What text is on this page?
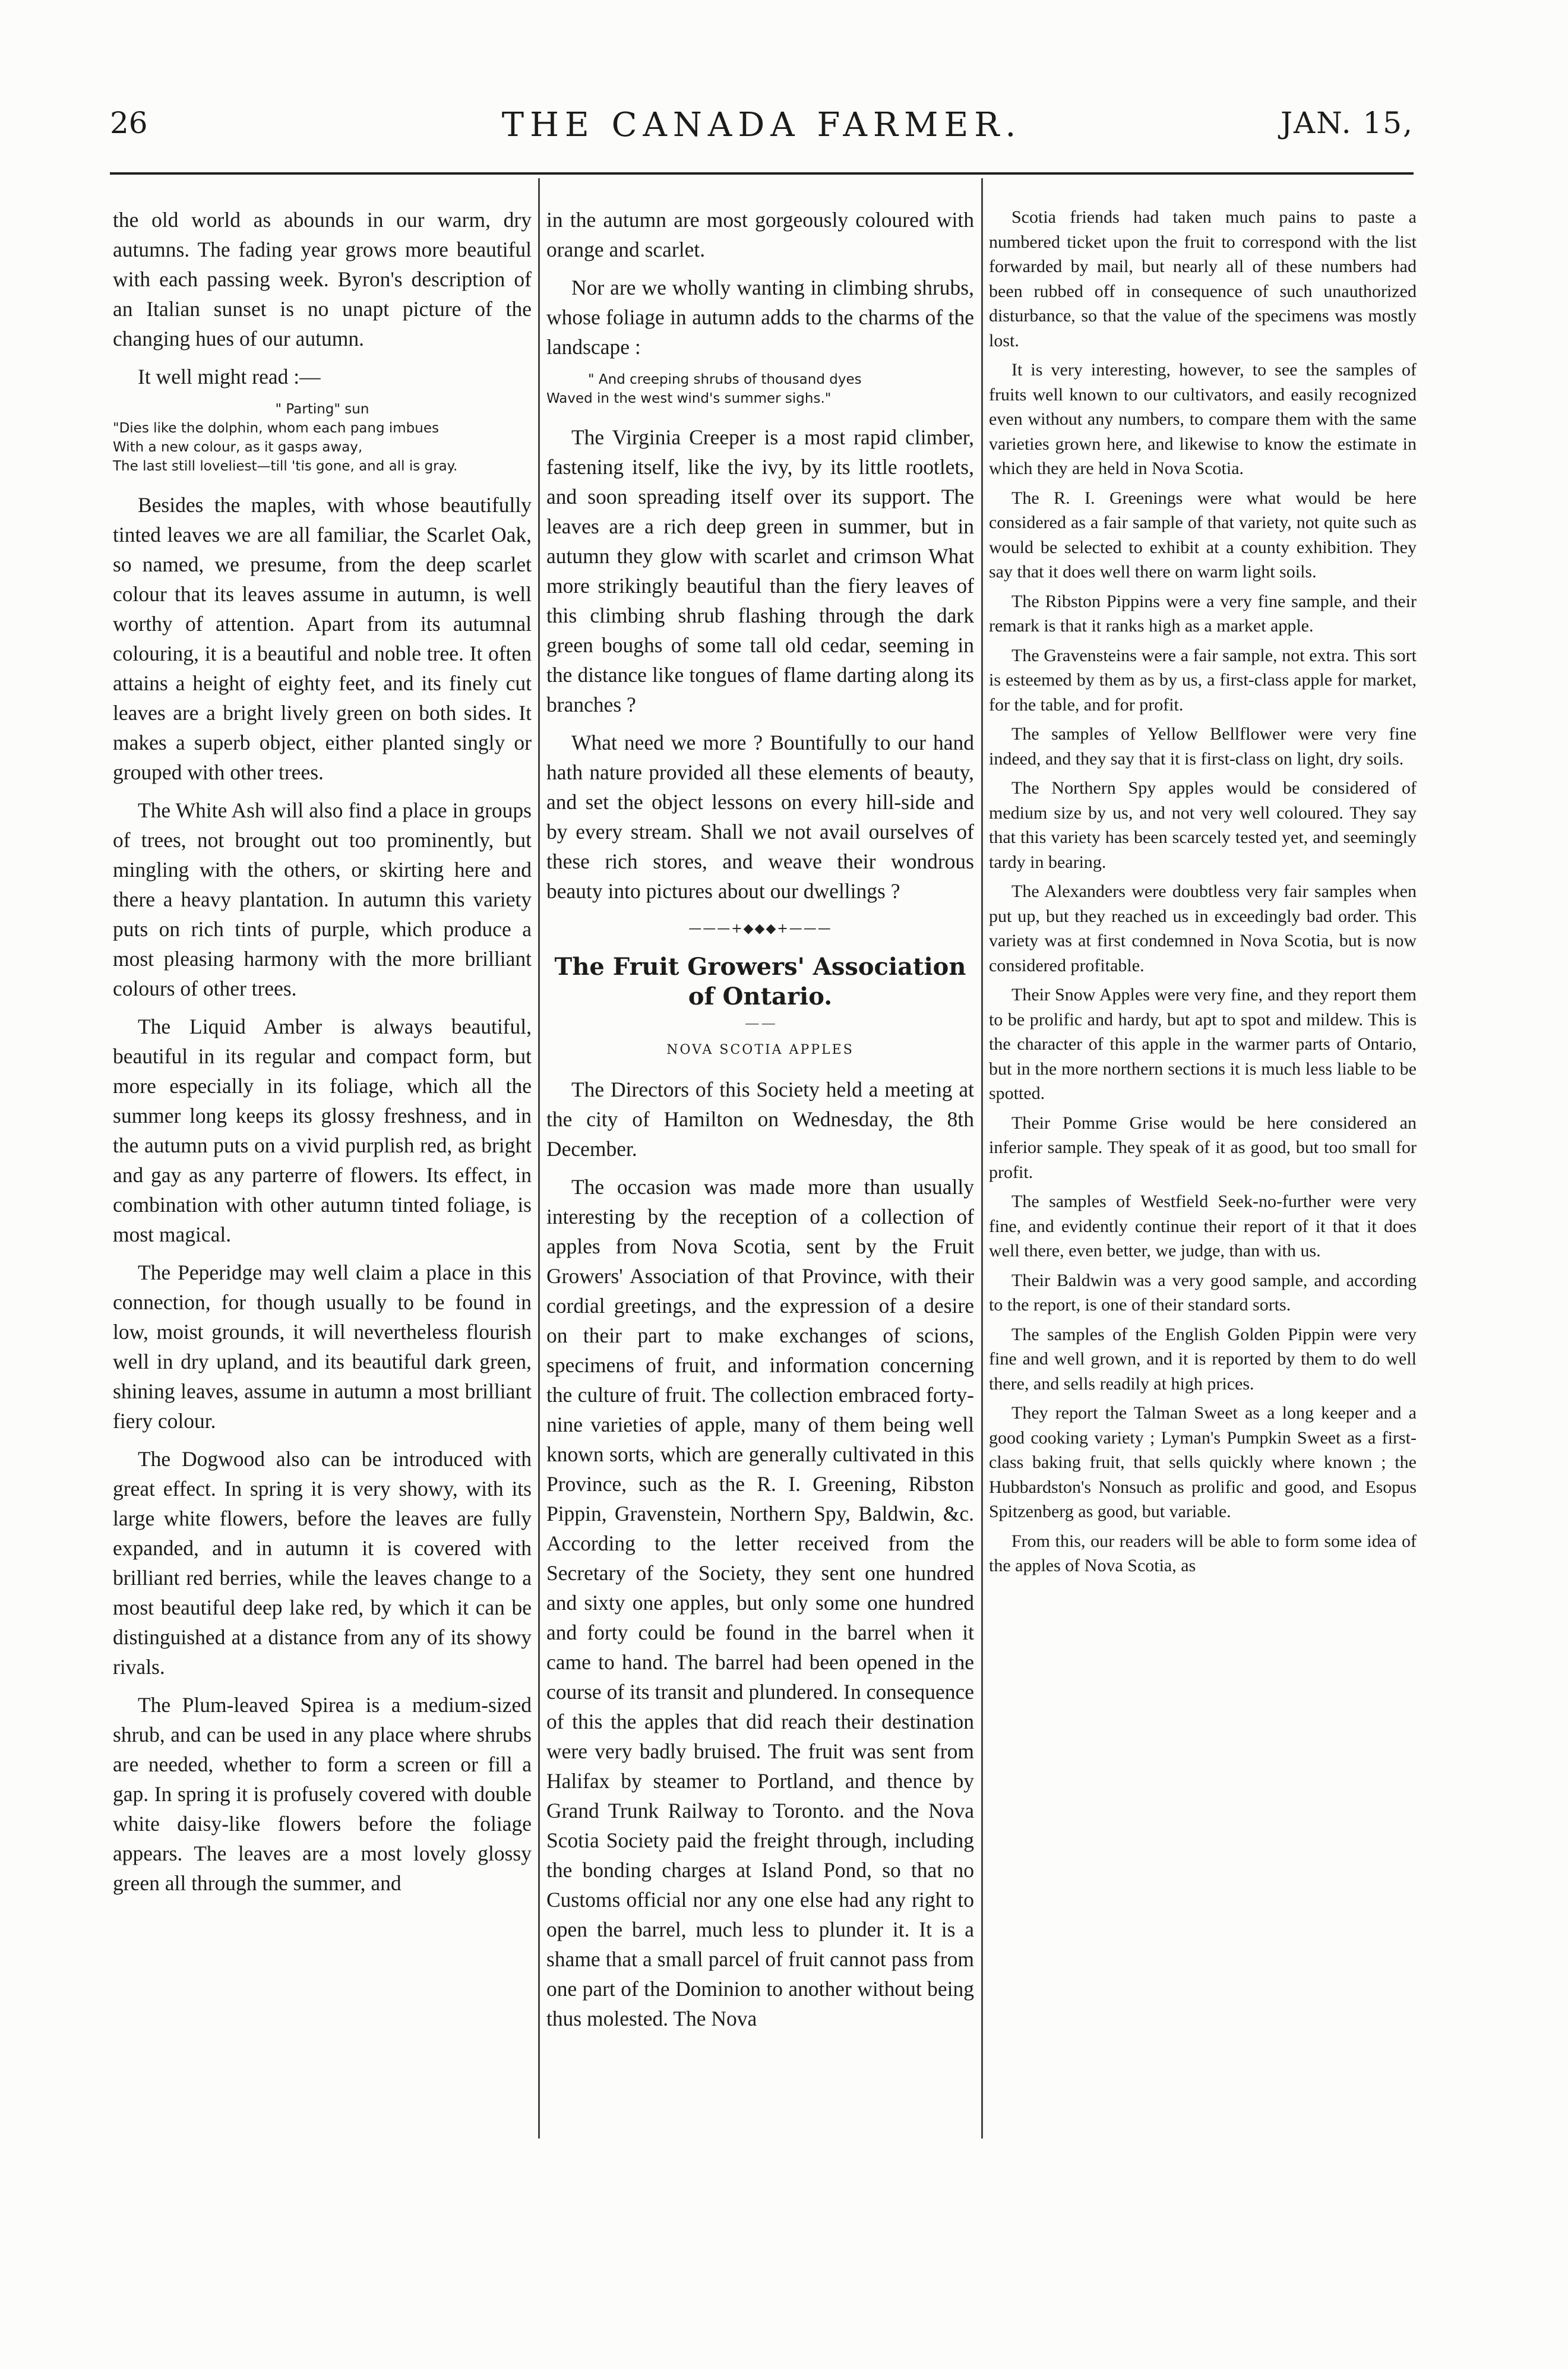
26	THE CANADA FARMER.	JAN. 15,

the old world as abounds in our warm, dry autumns. The fading year grows more beautiful with each passing week. Byron's description of an Italian sunset is no unapt picture of the changing hues of our autumn.

It well might read :—

" Parting" sun
"Dies like the dolphin, whom each pang imbues
With a new colour, as it gasps away,
The last still loveliest—till 'tis gone, and all is gray.

Besides the maples, with whose beautifully tinted leaves we are all familiar, the Scarlet Oak, so named, we presume, from the deep scarlet colour that its leaves assume in autumn, is well worthy of attention. Apart from its autumnal colouring, it is a beautiful and noble tree. It often attains a height of eighty feet, and its finely cut leaves are a bright lively green on both sides. It makes a superb object, either planted singly or grouped with other trees.

The White Ash will also find a place in groups of trees, not brought out too prominently, but mingling with the others, or skirting here and there a heavy plantation. In autumn this variety puts on rich tints of purple, which produce a most pleasing harmony with the more brilliant colours of other trees.

The Liquid Amber is always beautiful, beautiful in its regular and compact form, but more especially in its foliage, which all the summer long keeps its glossy freshness, and in the autumn puts on a vivid purplish red, as bright and gay as any parterre of flowers. Its effect, in combination with other autumn tinted foliage, is most magical.

The Peperidge may well claim a place in this connection, for though usually to be found in low, moist grounds, it will nevertheless flourish well in dry upland, and its beautiful dark green, shining leaves, assume in autumn a most brilliant fiery colour.

The Dogwood also can be introduced with great effect. In spring it is very showy, with its large white flowers, before the leaves are fully expanded, and in autumn it is covered with brilliant red berries, while the leaves change to a most beautiful deep lake red, by which it can be distinguished at a distance from any of its showy rivals.

The Plum-leaved Spirea is a medium-sized shrub, and can be used in any place where shrubs are needed, whether to form a screen or fill a gap. In spring it is profusely covered with double white daisy-like flowers before the foliage appears. The leaves are a most lovely glossy green all through the summer, and

in the autumn are most gorgeously coloured with orange and scarlet.

Nor are we wholly wanting in climbing shrubs, whose foliage in autumn adds to the charms of the landscape :

" And creeping shrubs of thousand dyes
Waved in the west wind's summer sighs."

The Virginia Creeper is a most rapid climber, fastening itself, like the ivy, by its little rootlets, and soon spreading itself over its support. The leaves are a rich deep green in summer, but in autumn they glow with scarlet and crimson What more strikingly beautiful than the fiery leaves of this climbing shrub flashing through the dark green boughs of some tall old cedar, seeming in the distance like tongues of flame darting along its branches ?

What need we more ? Bountifully to our hand hath nature provided all these elements of beauty, and set the object lessons on every hill-side and by every stream. Shall we not avail ourselves of these rich stores, and weave their wondrous beauty into pictures about our dwellings ?

———+◆◆◆+———
The Fruit Growers' Association of Ontario.
— —
NOVA SCOTIA APPLES

The Directors of this Society held a meeting at the city of Hamilton on Wednesday, the 8th December.

The occasion was made more than usually interesting by the reception of a collection of apples from Nova Scotia, sent by the Fruit Growers' Association of that Province, with their cordial greetings, and the expression of a desire on their part to make exchanges of scions, specimens of fruit, and information concerning the culture of fruit. The collection embraced forty-nine varieties of apple, many of them being well known sorts, which are generally cultivated in this Province, such as the R. I. Greening, Ribston Pippin, Gravenstein, Northern Spy, Baldwin, &c. According to the letter received from the Secretary of the Society, they sent one hundred and sixty one apples, but only some one hundred and forty could be found in the barrel when it came to hand. The barrel had been opened in the course of its transit and plundered. In consequence of this the apples that did reach their destination were very badly bruised. The fruit was sent from Halifax by steamer to Portland, and thence by Grand Trunk Railway to Toronto. and the Nova Scotia Society paid the freight through, including the bonding charges at Island Pond, so that no Customs official nor any one else had any right to open the barrel, much less to plunder it. It is a shame that a small parcel of fruit cannot pass from one part of the Dominion to another without being thus molested. The Nova

Scotia friends had taken much pains to paste a numbered ticket upon the fruit to correspond with the list forwarded by mail, but nearly all of these numbers had been rubbed off in consequence of such unauthorized disturbance, so that the value of the specimens was mostly lost.

It is very interesting, however, to see the samples of fruits well known to our cultivators, and easily recognized even without any numbers, to compare them with the same varieties grown here, and likewise to know the estimate in which they are held in Nova Scotia.

The R. I. Greenings were what would be here considered as a fair sample of that variety, not quite such as would be selected to exhibit at a county exhibition. They say that it does well there on warm light soils.

The Ribston Pippins were a very fine sample, and their remark is that it ranks high as a market apple.

The Gravensteins were a fair sample, not extra. This sort is esteemed by them as by us, a first-class apple for market, for the table, and for profit.

The samples of Yellow Bellflower were very fine indeed, and they say that it is first-class on light, dry soils.

The Northern Spy apples would be considered of medium size by us, and not very well coloured. They say that this variety has been scarcely tested yet, and seemingly tardy in bearing.

The Alexanders were doubtless very fair samples when put up, but they reached us in exceedingly bad order. This variety was at first condemned in Nova Scotia, but is now considered profitable.

Their Snow Apples were very fine, and they report them to be prolific and hardy, but apt to spot and mildew. This is the character of this apple in the warmer parts of Ontario, but in the more northern sections it is much less liable to be spotted.

Their Pomme Grise would be here considered an inferior sample. They speak of it as good, but too small for profit.

The samples of Westfield Seek-no-further were very fine, and evidently continue their report of it that it does well there, even better, we judge, than with us.

Their Baldwin was a very good sample, and according to the report, is one of their standard sorts.

The samples of the English Golden Pippin were very fine and well grown, and it is reported by them to do well there, and sells readily at high prices.

They report the Talman Sweet as a long keeper and a good cooking variety ; Lyman's Pumpkin Sweet as a first-class baking fruit, that sells quickly where known ; the Hubbardston's Nonsuch as prolific and good, and Esopus Spitzenberg as good, but variable.

From this, our readers will be able to form some idea of the apples of Nova Scotia, as
